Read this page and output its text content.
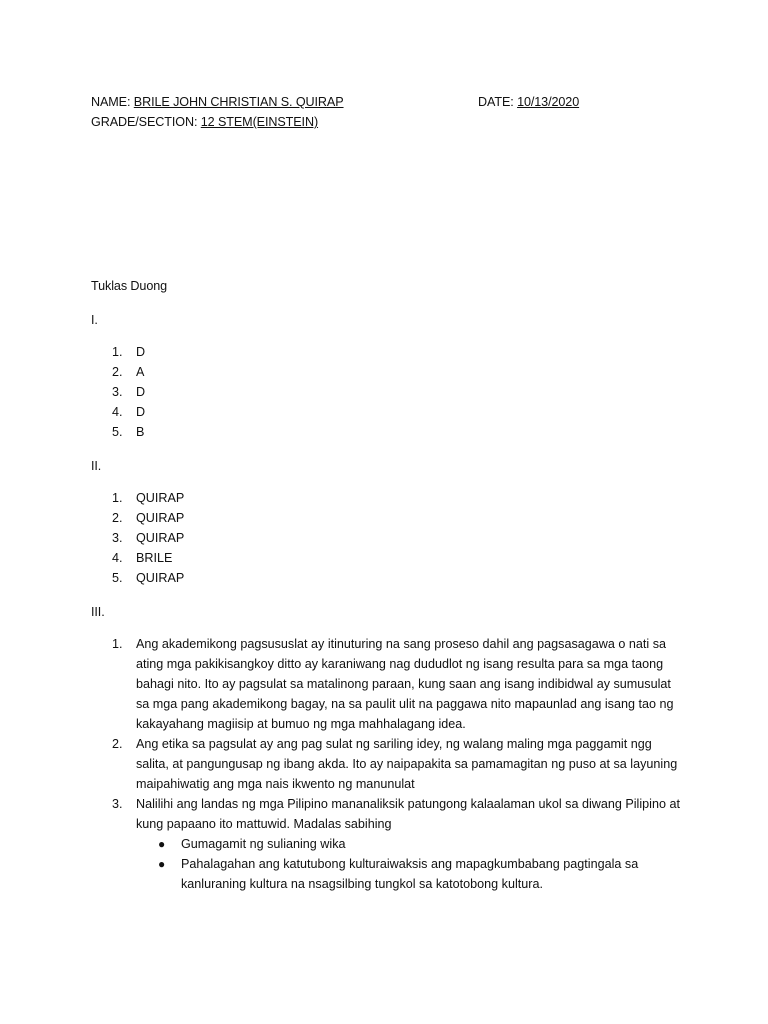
NAME: BRILE JOHN CHRISTIAN S. QUIRAP	DATE: 10/13/2020
GRADE/SECTION: 12 STEM(EINSTEIN)
Tuklas Duong
I.
1. D
2. A
3. D
4. D
5. B
II.
1. QUIRAP
2. QUIRAP
3. QUIRAP
4. BRILE
5. QUIRAP
III.
1. Ang akademikong pagsususlat ay itinuturing na sang proseso dahil ang pagsasagawa o nati sa
ating mga pakikisangkoy ditto ay karaniwang nag dududlot ng isang resulta para sa mga taong
bahagi nito. Ito ay pagsulat sa matalinong paraan, kung saan ang isang indibidwal ay sumusulat
sa mga pang akademikong bagay, na sa paulit ulit na paggawa nito mapaunlad ang isang tao ng
kakayahang magiisip at bumuo ng mga mahhalagang idea.
2. Ang etika sa pagsulat ay ang pag sulat ng sariling idey, ng walang maling mga paggamit ngg
salita, at pangungusap ng ibang akda. Ito ay naipapakita sa pamamagitan ng puso at sa layuning
maipahiwatig ang mga nais ikwento ng manunulat
3. Nalilihi ang landas ng mga Pilipino mananaliksik patungong kalaalaman ukol sa diwang Pilipino at
kung papaano ito mattuwid. Madalas sabihing
● Gumagamit ng sulianing wika
● Pahalagahan ang katutubong kulturaiwaksis ang mapagkumbabang pagtingala sa
kanluraning kultura na nsagsilbing tungkol sa katotobong kultura.
